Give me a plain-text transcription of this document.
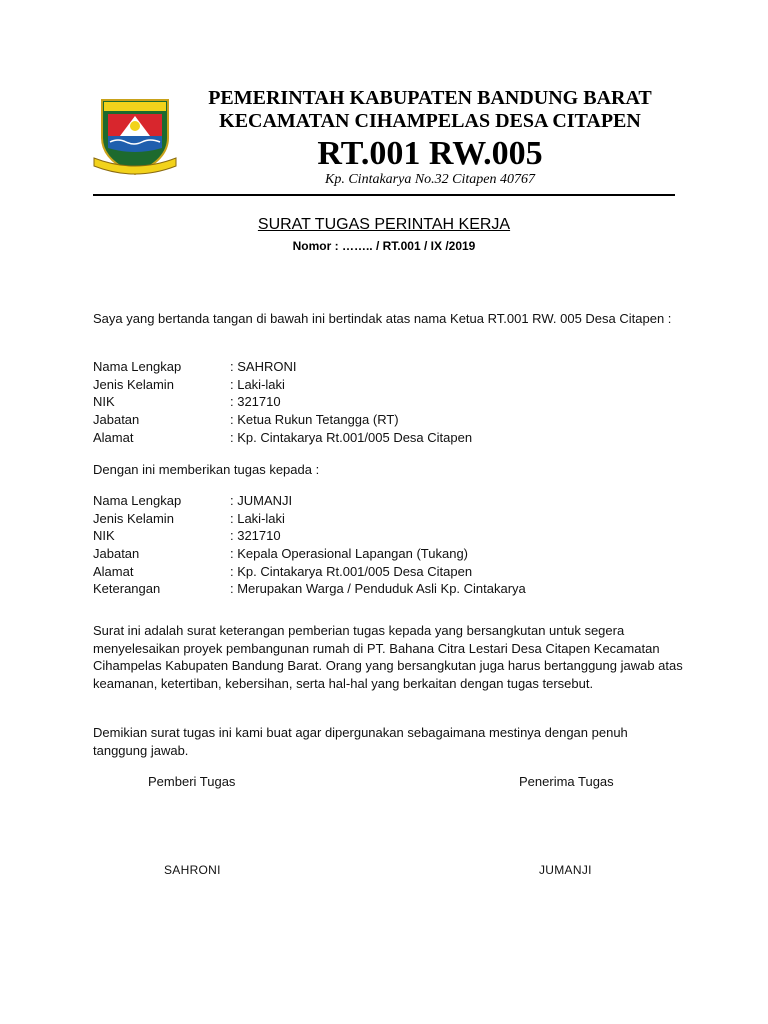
PEMERINTAH KABUPATEN BANDUNG BARAT
KECAMATAN CIHAMPELAS DESA CITAPEN
RT.001 RW.005
Kp. Cintakarya No.32 Citapen 40767
SURAT TUGAS PERINTAH KERJA
Nomor : …….. / RT.001 / IX /2019
Saya yang bertanda tangan di bawah ini bertindak atas nama Ketua RT.001 RW. 005 Desa Citapen :
Nama Lengkap	: SAHRONI
Jenis Kelamin	: Laki-laki
NIK	: 321710
Jabatan	: Ketua Rukun Tetangga (RT)
Alamat	: Kp. Cintakarya Rt.001/005 Desa Citapen
Dengan ini memberikan tugas kepada :
Nama Lengkap	: JUMANJI
Jenis Kelamin	: Laki-laki
NIK	: 321710
Jabatan	: Kepala Operasional Lapangan (Tukang)
Alamat	: Kp. Cintakarya Rt.001/005 Desa Citapen
Keterangan	: Merupakan Warga / Penduduk Asli Kp. Cintakarya
Surat ini adalah surat keterangan pemberian tugas kepada yang bersangkutan untuk segera menyelesaikan proyek pembangunan rumah di PT. Bahana Citra Lestari Desa Citapen Kecamatan Cihampelas Kabupaten Bandung Barat. Orang yang bersangkutan juga harus bertanggung jawab atas keamanan, ketertiban, kebersihan, serta hal-hal yang berkaitan dengan tugas tersebut.
Demikian surat tugas ini kami buat agar dipergunakan sebagaimana mestinya dengan penuh tanggung jawab.
Pemberi Tugas	Penerima Tugas
SAHRONI	JUMANJI
